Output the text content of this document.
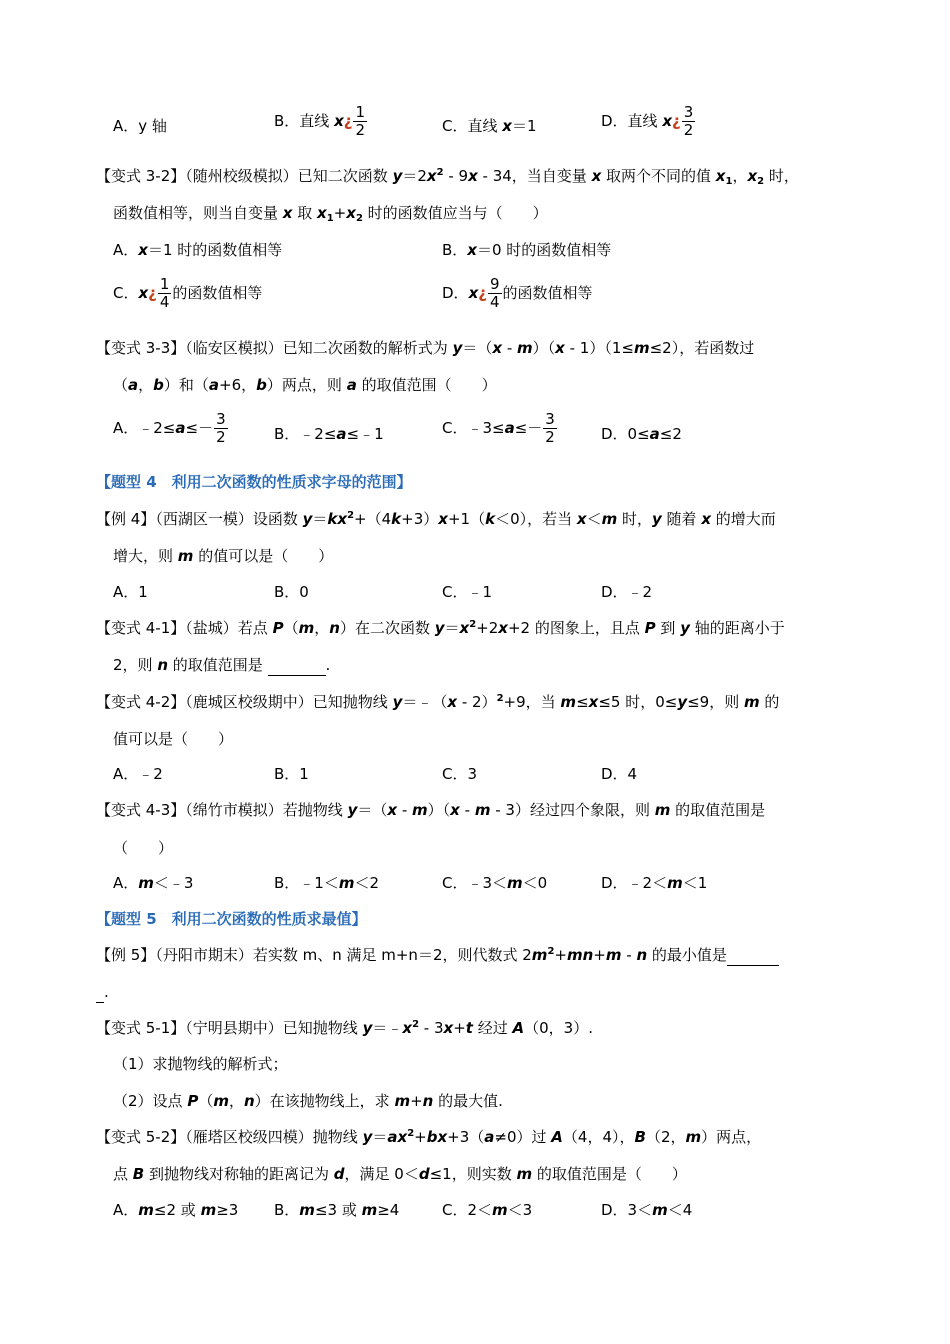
A．y 轴	B．直线 x¿ $\frac{1}{2}$	C．直线 x＝1	D．直线 x¿ $\frac{3}{2}$
【变式 3-2】（随州校级模拟）已知二次函数 $y=2x^2 - 9x - 34$，当自变量 x 取两个不同的值 $x_1$，$x_2$ 时，
函数值相等，则当自变量 x 取 $x_1+x_2$ 时的函数值应当与（　　）
A．x＝1 时的函数值相等	B．x＝0 时的函数值相等
C．x¿ $\frac{1}{4}$ 的函数值相等	D．x¿ $\frac{9}{4}$ 的函数值相等
【变式 3-3】（临安区模拟）已知二次函数的解析式为 y＝（x - m）（x - 1）（1≤m≤2），若函数过
（a，b）和（a+6，b）两点，则 a 的取值范围（　　）
A．﹣2≤a≤－ $\frac{3}{2}$	B．﹣2≤a≤﹣1	C．﹣3≤a≤－ $\frac{3}{2}$	D．0≤a≤2
【题型 4　利用二次函数的性质求字母的范围】
【例 4】（西湖区一模）设函数 $y=kx^2+(4k+3)x+1(k<0)$，若当 x＜m 时，y 随着 x 的增大而
增大，则 m 的值可以是（　　）
A．1	B．0	C．﹣1	D．﹣2
【变式 4-1】（盐城）若点 P（m，n）在二次函数 $y=x^2+2x+2$ 的图象上，且点 P 到 y 轴的距离小于
2，则 n 的取值范围是	.
【变式 4-2】（鹿城区校级期中）已知抛物线 y＝﹣（x - 2）$^2$+9，当 m≤x≤5 时，0≤y≤9，则 m 的
值可以是（　　）
A．﹣2	B．1	C．3	D．4
【变式 4-3】（绵竹市模拟）若抛物线 y＝（x - m）（x - m - 3）经过四个象限，则 m 的取值范围是
（　　）
A．m＜﹣3	B．﹣1＜m＜2	C．﹣3＜m＜0	D．﹣2＜m＜1
【题型 5　利用二次函数的性质求最值】
【例 5】（丹阳市期末）若实数 m、n 满足 m+n＝2，则代数式 $2m^2+mn+m - n$ 的最小值是
.
【变式 5-1】（宁明县期中）已知抛物线 $y=﹣x^2 - 3x+t$ 经过 A（0，3）.
（1）求抛物线的解析式；
（2）设点 P（m，n）在该抛物线上，求 m+n 的最大值.
【变式 5-2】（雁塔区校级四模）抛物线 $y=ax^2+bx+3(a\ne 0)$过 A（4，4），B（2，m）两点，
点 B 到抛物线对称轴的距离记为 d，满足 0＜d≤1，则实数 m 的取值范围是（　　）
A．m≤2 或 m≥3 B．m≤3 或 m≥4	C．2＜m＜3	D．3＜m＜4
